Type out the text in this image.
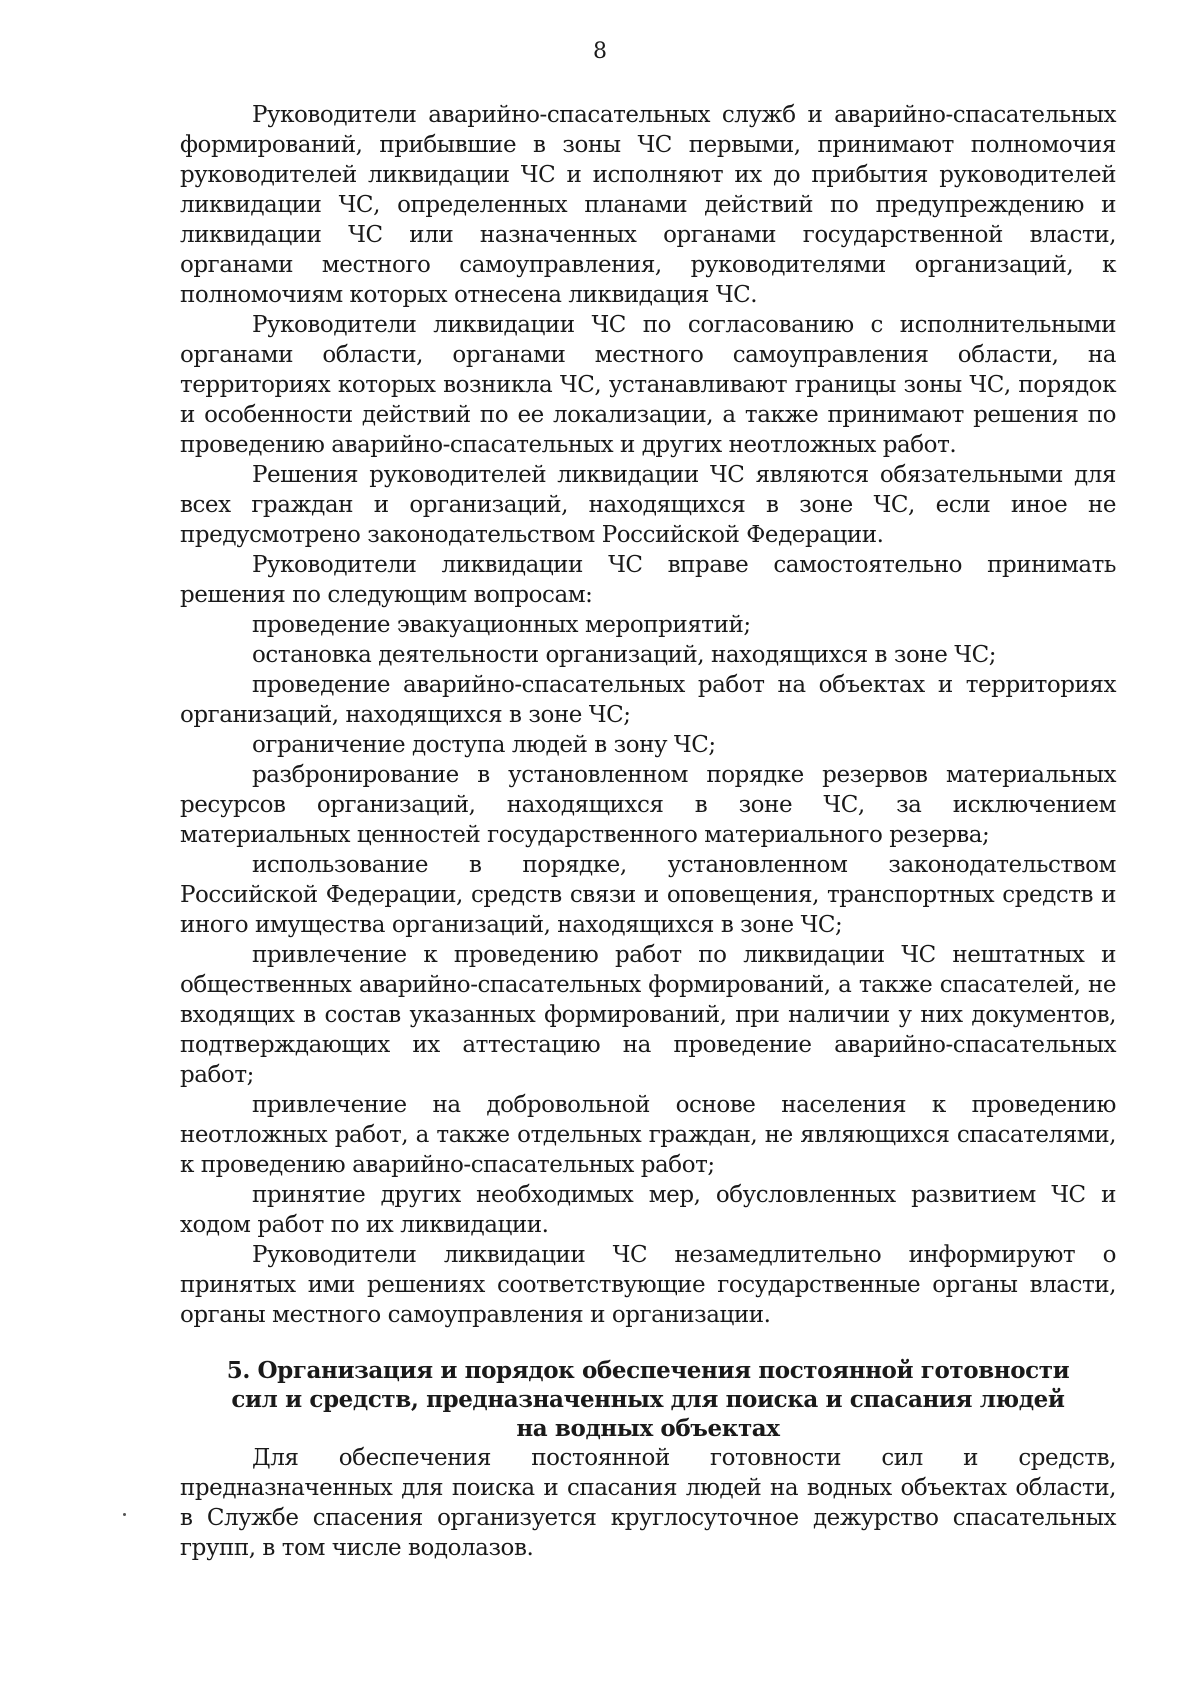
8

Руководители аварийно-спасательных служб и аварийно-спасательных формирований, прибывшие в зоны ЧС первыми, принимают полномочия руководителей ликвидации ЧС и исполняют их до прибытия руководителей ликвидации ЧС, определенных планами действий по предупреждению и ликвидации ЧС или назначенных органами государственной власти, органами местного самоуправления, руководителями организаций, к полномочиям которых отнесена ликвидация ЧС.

Руководители ликвидации ЧС по согласованию с исполнительными органами области, органами местного самоуправления области, на территориях которых возникла ЧС, устанавливают границы зоны ЧС, порядок и особенности действий по ее локализации, а также принимают решения по проведению аварийно-спасательных и других неотложных работ.

Решения руководителей ликвидации ЧС являются обязательными для всех граждан и организаций, находящихся в зоне ЧС, если иное не предусмотрено законодательством Российской Федерации.

Руководители ликвидации ЧС вправе самостоятельно принимать решения по следующим вопросам:

проведение эвакуационных мероприятий;

остановка деятельности организаций, находящихся в зоне ЧС;

проведение аварийно-спасательных работ на объектах и территориях организаций, находящихся в зоне ЧС;

ограничение доступа людей в зону ЧС;

разбронирование в установленном порядке резервов материальных ресурсов организаций, находящихся в зоне ЧС, за исключением материальных ценностей государственного материального резерва;

использование в порядке, установленном законодательством Российской Федерации, средств связи и оповещения, транспортных средств и иного имущества организаций, находящихся в зоне ЧС;

привлечение к проведению работ по ликвидации ЧС нештатных и общественных аварийно-спасательных формирований, а также спасателей, не входящих в состав указанных формирований, при наличии у них документов, подтверждающих их аттестацию на проведение аварийно-спасательных работ;

привлечение на добровольной основе населения к проведению неотложных работ, а также отдельных граждан, не являющихся спасателями, к проведению аварийно-спасательных работ;

принятие других необходимых мер, обусловленных развитием ЧС и ходом работ по их ликвидации.

Руководители ликвидации ЧС незамедлительно информируют о принятых ими решениях соответствующие государственные органы власти, органы местного самоуправления и организации.

5. Организация и порядок обеспечения постоянной готовности
сил и средств, предназначенных для поиска и спасания людей
на водных объектах

Для обеспечения постоянной готовности сил и средств, предназначенных для поиска и спасания людей на водных объектах области, в Службе спасения организуется круглосуточное дежурство спасательных групп, в том числе водолазов.
